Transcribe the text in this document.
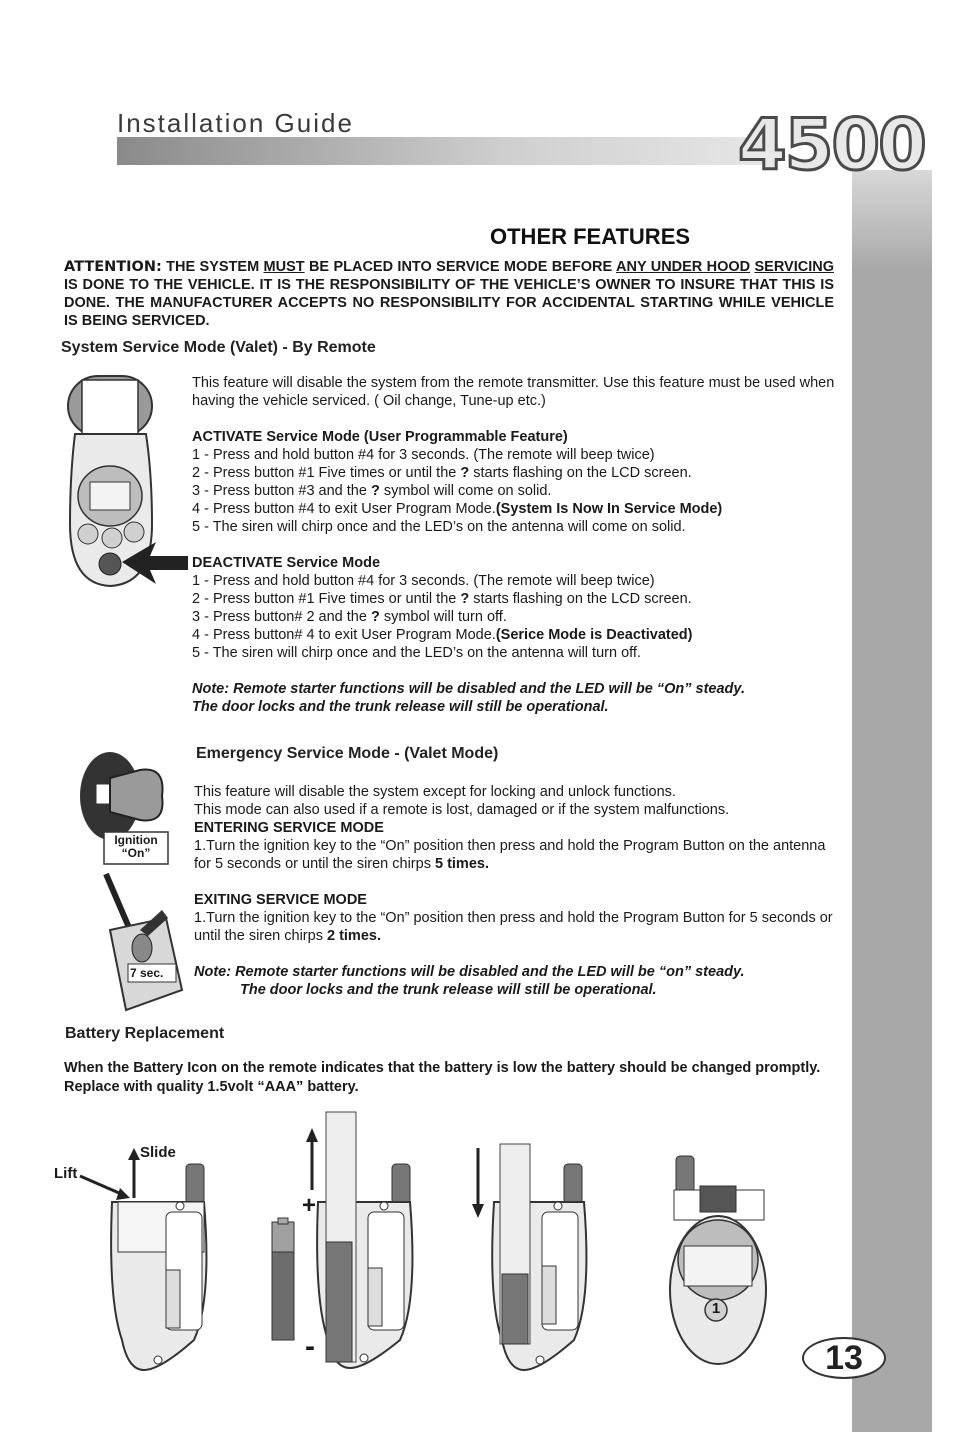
Installation Guide	4500
OTHER FEATURES
ATTENTION: THE SYSTEM MUST BE PLACED INTO SERVICE MODE BEFORE ANY UNDER HOOD SERVICING IS DONE TO THE VEHICLE. IT IS THE RESPONSIBILITY OF THE VEHICLE’S OWNER TO INSURE THAT THIS IS DONE. THE MANUFACTURER ACCEPTS NO RESPONSIBILITY FOR ACCIDENTAL STARTING WHILE VEHICLE IS BEING SERVICED.
System Service Mode (Valet) - By Remote
This feature will disable the system from the remote transmitter. Use this feature must be used when having the vehicle serviced. ( Oil change, Tune-up etc.)
ACTIVATE Service Mode (User Programmable Feature)
1 - Press and hold button #4 for 3 seconds. (The remote will beep twice)
2 - Press button #1 Five times or until the ? starts flashing on the LCD screen.
3 - Press button #3 and the ? symbol will come on solid.
4 - Press button #4 to exit User Program Mode.(System Is Now In Service Mode)
5 - The siren will chirp once and the LED’s on the antenna will come on solid.
DEACTIVATE Service Mode
1 - Press and hold button #4 for 3 seconds. (The remote will beep twice)
2 - Press button #1 Five times or until the ? starts flashing on the LCD screen.
3 - Press button# 2 and the ? symbol will turn off.
4 - Press button# 4 to exit User Program Mode.(Serice Mode is Deactivated)
5 - The siren will chirp once and the LED’s on the antenna will turn off.
Note: Remote starter functions will be disabled and the LED will be “On” steady.
The door locks and the trunk release will still be operational.
Emergency Service Mode - (Valet Mode)
Ignition
“On”
7 sec.
This feature will disable the system except for locking and unlock functions.
This mode can also used if a remote is lost, damaged or if the system malfunctions.
ENTERING SERVICE MODE
1.Turn the ignition key to the “On” position then press and hold the Program Button on the antenna for 5 seconds or until the siren chirps 5 times.
EXITING SERVICE MODE
1.Turn the ignition key to the “On” position then press and hold the Program Button for 5 seconds or until the siren chirps 2 times.
Note: Remote starter functions will be disabled and the LED will be “on” steady.
The door locks and the trunk release will still be operational.
Battery Replacement
When the Battery Icon on the remote indicates that the battery is low the battery should be changed promptly. Replace with quality 1.5volt “AAA” battery.
Slide
Lift
+
-
1
13
